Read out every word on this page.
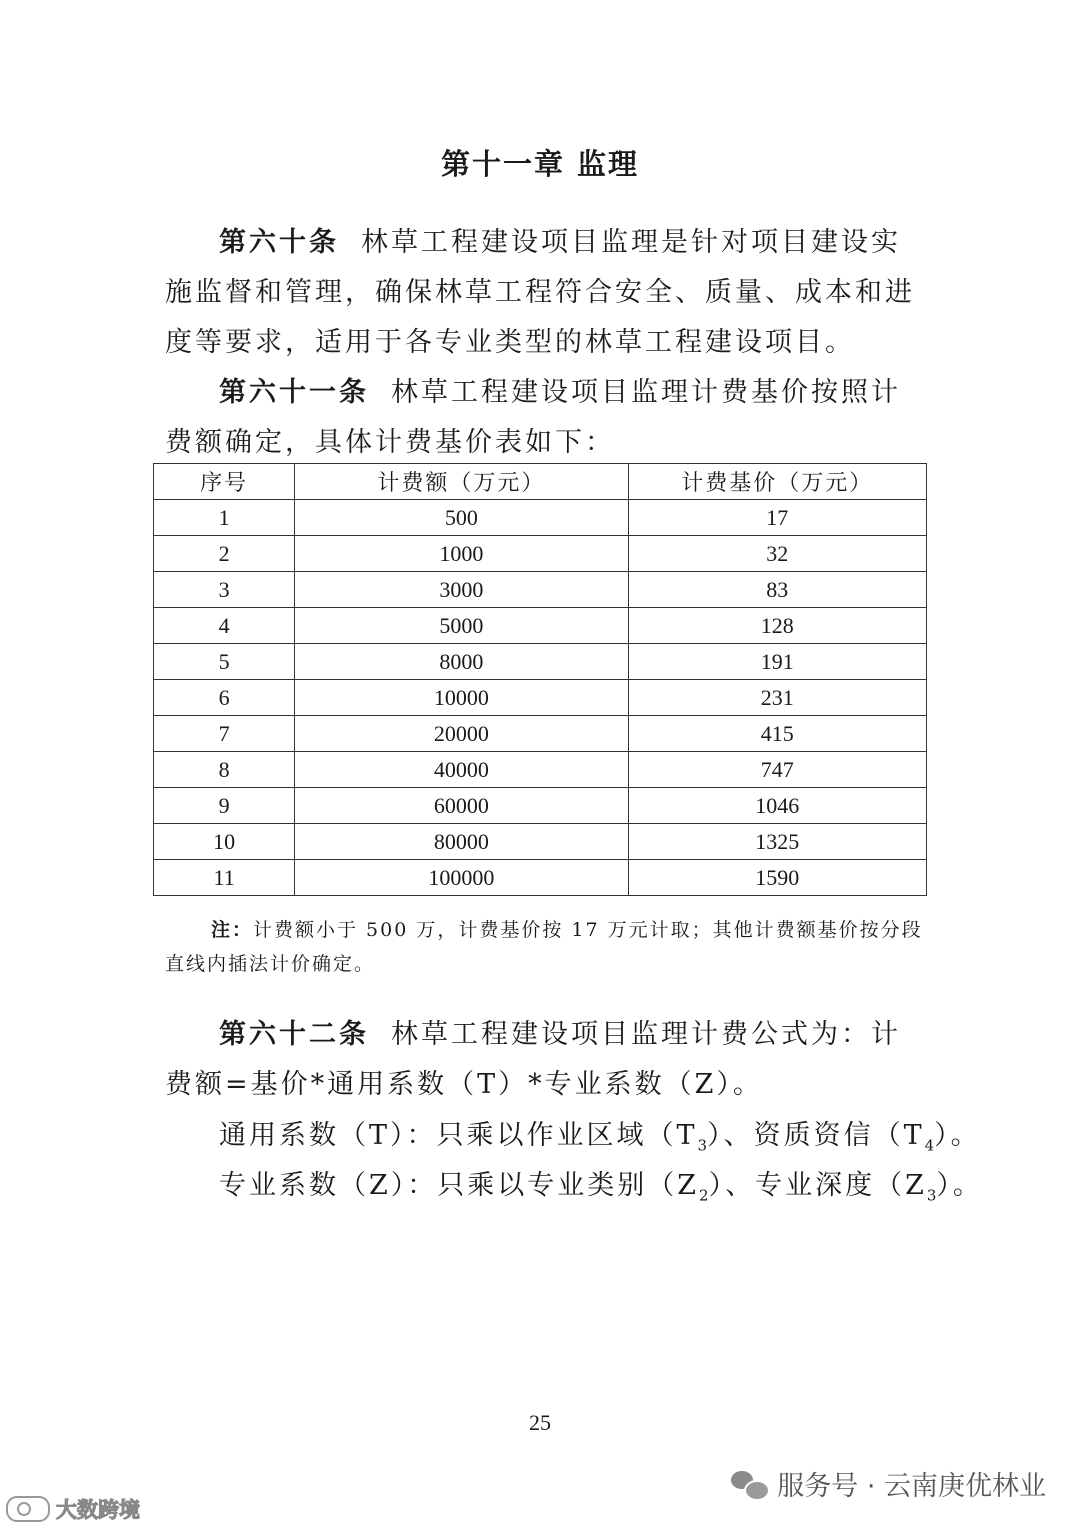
第十一章 监理
第六十条 林草工程建设项目监理是针对项目建设实施监督和管理，确保林草工程符合安全、质量、成本和进度等要求，适用于各专业类型的林草工程建设项目。
第六十一条 林草工程建设项目监理计费基价按照计费额确定，具体计费基价表如下：
序号	计费额（万元）	计费基价（万元）
1	500	17
2	1000	32
3	3000	83
4	5000	128
5	8000	191
6	10000	231
7	20000	415
8	40000	747
9	60000	1046
10	80000	1325
11	100000	1590
注：计费额小于 500 万，计费基价按 17 万元计取；其他计费额基价按分段直线内插法计价确定。
第六十二条 林草工程建设项目监理计费公式为：计费额=基价*通用系数（T）*专业系数（Z）。
通用系数（T）：只乘以作业区域$(T_3)$、资质资信$(T_4)$。
专业系数（Z）：只乘以专业类别$(Z_2)$、专业深度$(Z_3)$。
25
服务号 · 云南庚优林业
大数跨境
